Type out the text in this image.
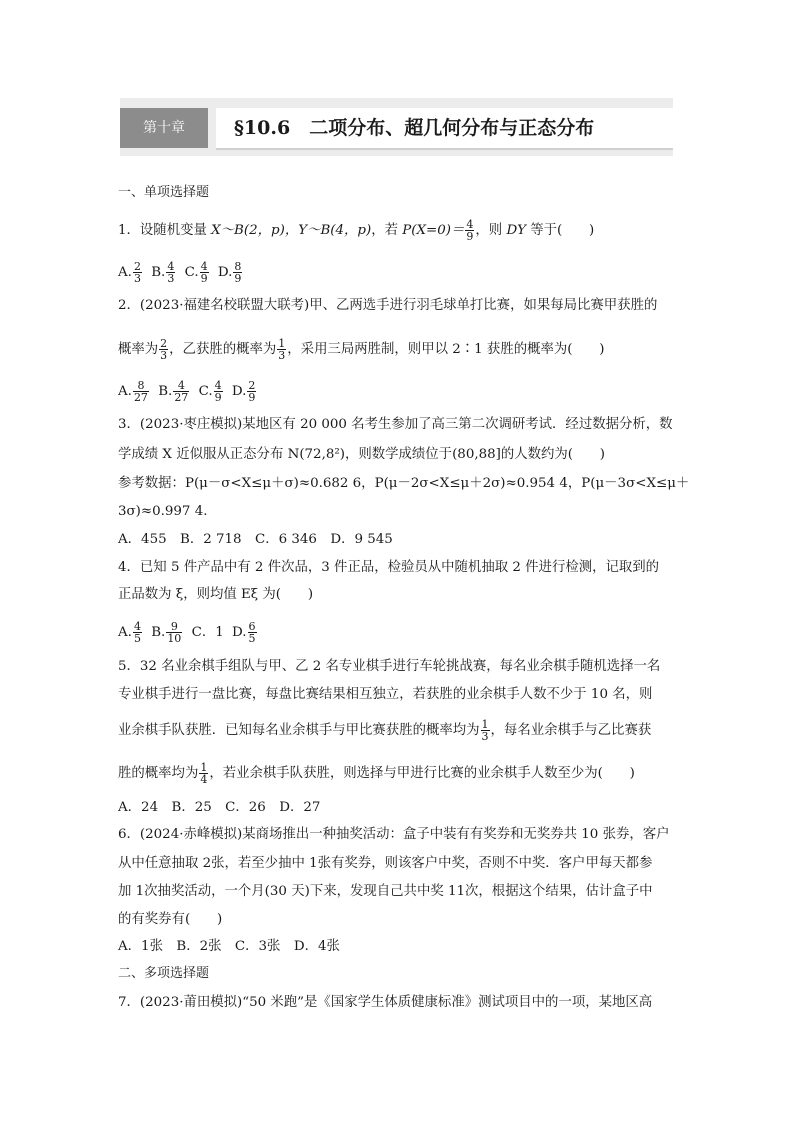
第十章	§10.6　二项分布、超几何分布与正态分布
一、单项选择题
1．设随机变量 X～B(2，p)，Y～B(4，p)，若 $P(X=0)= \frac{4}{9}$ ，则 DY 等于(　　)
A. $\frac{2}{3} B$. $\frac{4}{3} C$. $\frac{4}{9} D$. $\frac{8}{9}$
2．(2023·福建名校联盟大联考)甲、乙两选手进行羽毛球单打比赛，如果每局比赛甲获胜的
概率为 $\frac{2}{3}$ ，乙获胜的概率为 $\frac{1}{3}$ ，采用三局两胜制，则甲以 2∶1 获胜的概率为(　　)
A. $\frac{8}{27} B$. $\frac{4}{27} C$. $\frac{4}{9} D$. $\frac{2}{9}$
3．(2023·枣庄模拟)某地区有 20 000 名考生参加了高三第二次调研考试．经过数据分析，数
学成绩 X 近似服从正态分布 N(72,8²)，则数学成绩位于(80,88]的人数约为(　　)
参考数据：P(μ－σ<X≤μ＋σ)≈0.682 6，P(μ－2σ<X≤μ＋2σ)≈0.954 4，P(μ－3σ<X≤μ＋
3σ)≈0.997 4.
A．455　B．2 718　C．6 346　D．9 545
4．已知 5 件产品中有 2 件次品，3 件正品，检验员从中随机抽取 2 件进行检测，记取到的
正品数为 ξ，则均值 Eξ 为(　　)
A. $\frac{4}{5} B$. $\frac{9}{10}$ C．1 D. $\frac{6}{5}$
5．32 名业余棋手组队与甲、乙 2 名专业棋手进行车轮挑战赛，每名业余棋手随机选择一名
专业棋手进行一盘比赛，每盘比赛结果相互独立，若获胜的业余棋手人数不少于 10 名，则
业余棋手队获胜．已知每名业余棋手与甲比赛获胜的概率均为 $\frac{1}{3}$ ，每名业余棋手与乙比赛获
胜的概率均为 $\frac{1}{4}$ ，若业余棋手队获胜，则选择与甲进行比赛的业余棋手人数至少为(　　)
A．24　B．25　C．26　D．27
6．(2024·赤峰模拟)某商场推出一种抽奖活动：盒子中装有有奖券和无奖券共 10 张券，客户
从中任意抽取 2张，若至少抽中 1张有奖券，则该客户中奖，否则不中奖．客户甲每天都参
加 1次抽奖活动，一个月(30 天)下来，发现自己共中奖 11次，根据这个结果，估计盒子中
的有奖券有(　　)
A．1张　B．2张　C．3张　D．4张
二、多项选择题
7．(2023·莆田模拟)“50 米跑”是《国家学生体质健康标准》测试项目中的一项，某地区高
